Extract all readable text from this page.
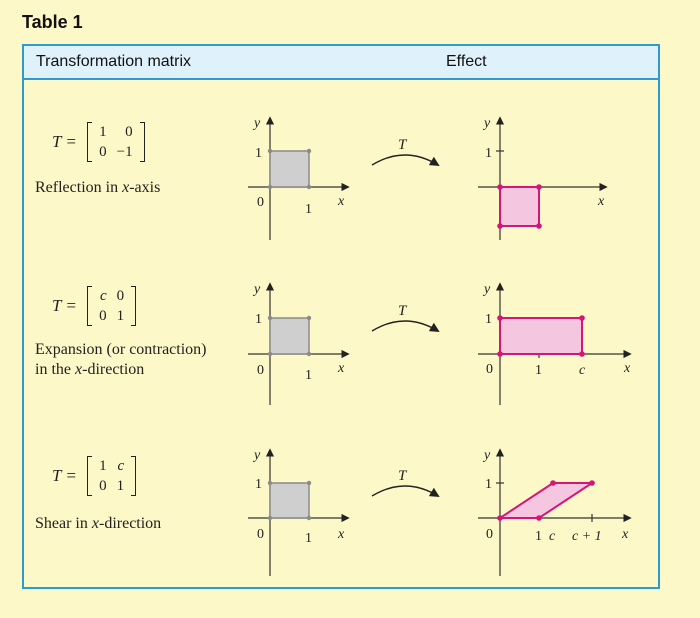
Table 1
Transformation matrix	Effect
T = 1	0
0	−1
Reflection in x-axis
T = c	0
0	1
Expansion (or contraction)
in the x-direction
T = 1	c
0	1
Shear in x-direction
y
1
0	1
x
T
y
1
x
y
1
0	1 x
T
y
1
0	1	c	x
y
1
0	1 x
T
y
1
0	1 c c + 1 x
